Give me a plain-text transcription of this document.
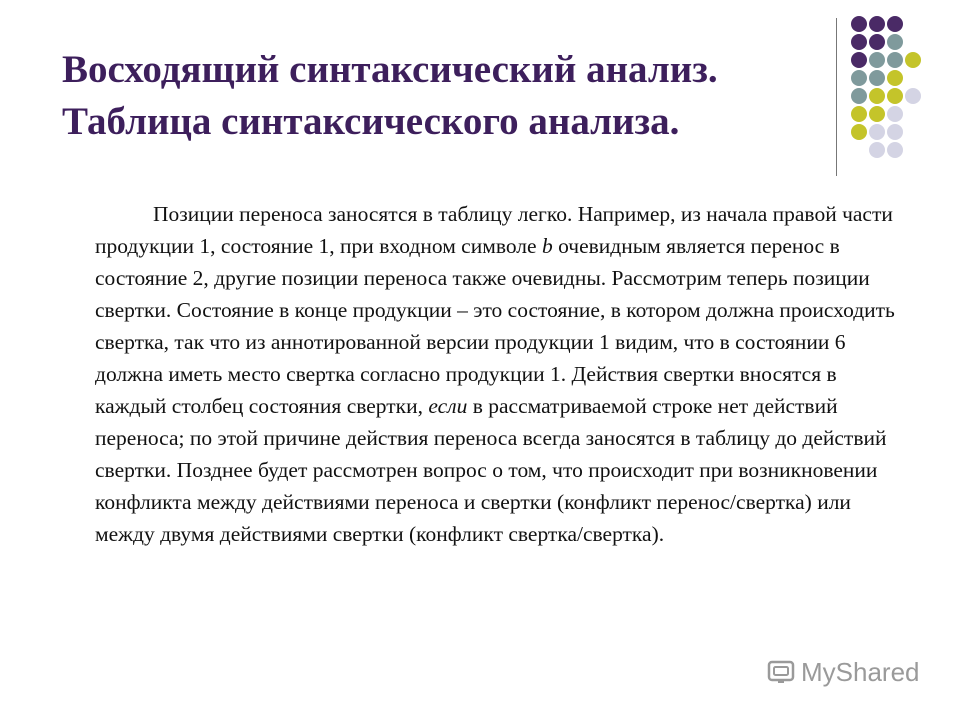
Восходящий синтаксический анализ.
Таблица синтаксического анализа.

Позиции переноса заносятся в таблицу легко. Например, из начала правой части продукции 1, состояние 1, при входном символе b очевидным является перенос в состояние 2, другие позиции переноса также очевидны. Рассмотрим теперь позиции свертки. Состояние в конце продукции – это состояние, в котором должна происходить свертка, так что из аннотированной версии продукции 1 видим, что в состоянии 6 должна иметь место свертка согласно продукции 1. Действия свертки вносятся в каждый столбец состояния свертки, если в рассматриваемой строке нет действий переноса; по этой причине действия переноса всегда заносятся в таблицу до действий свертки. Позднее будет рассмотрен вопрос о том, что происходит при возникновении конфликта между действиями переноса и свертки (конфликт перенос/свертка) или между двумя действиями свертки (конфликт свертка/свертка).

MyShared
